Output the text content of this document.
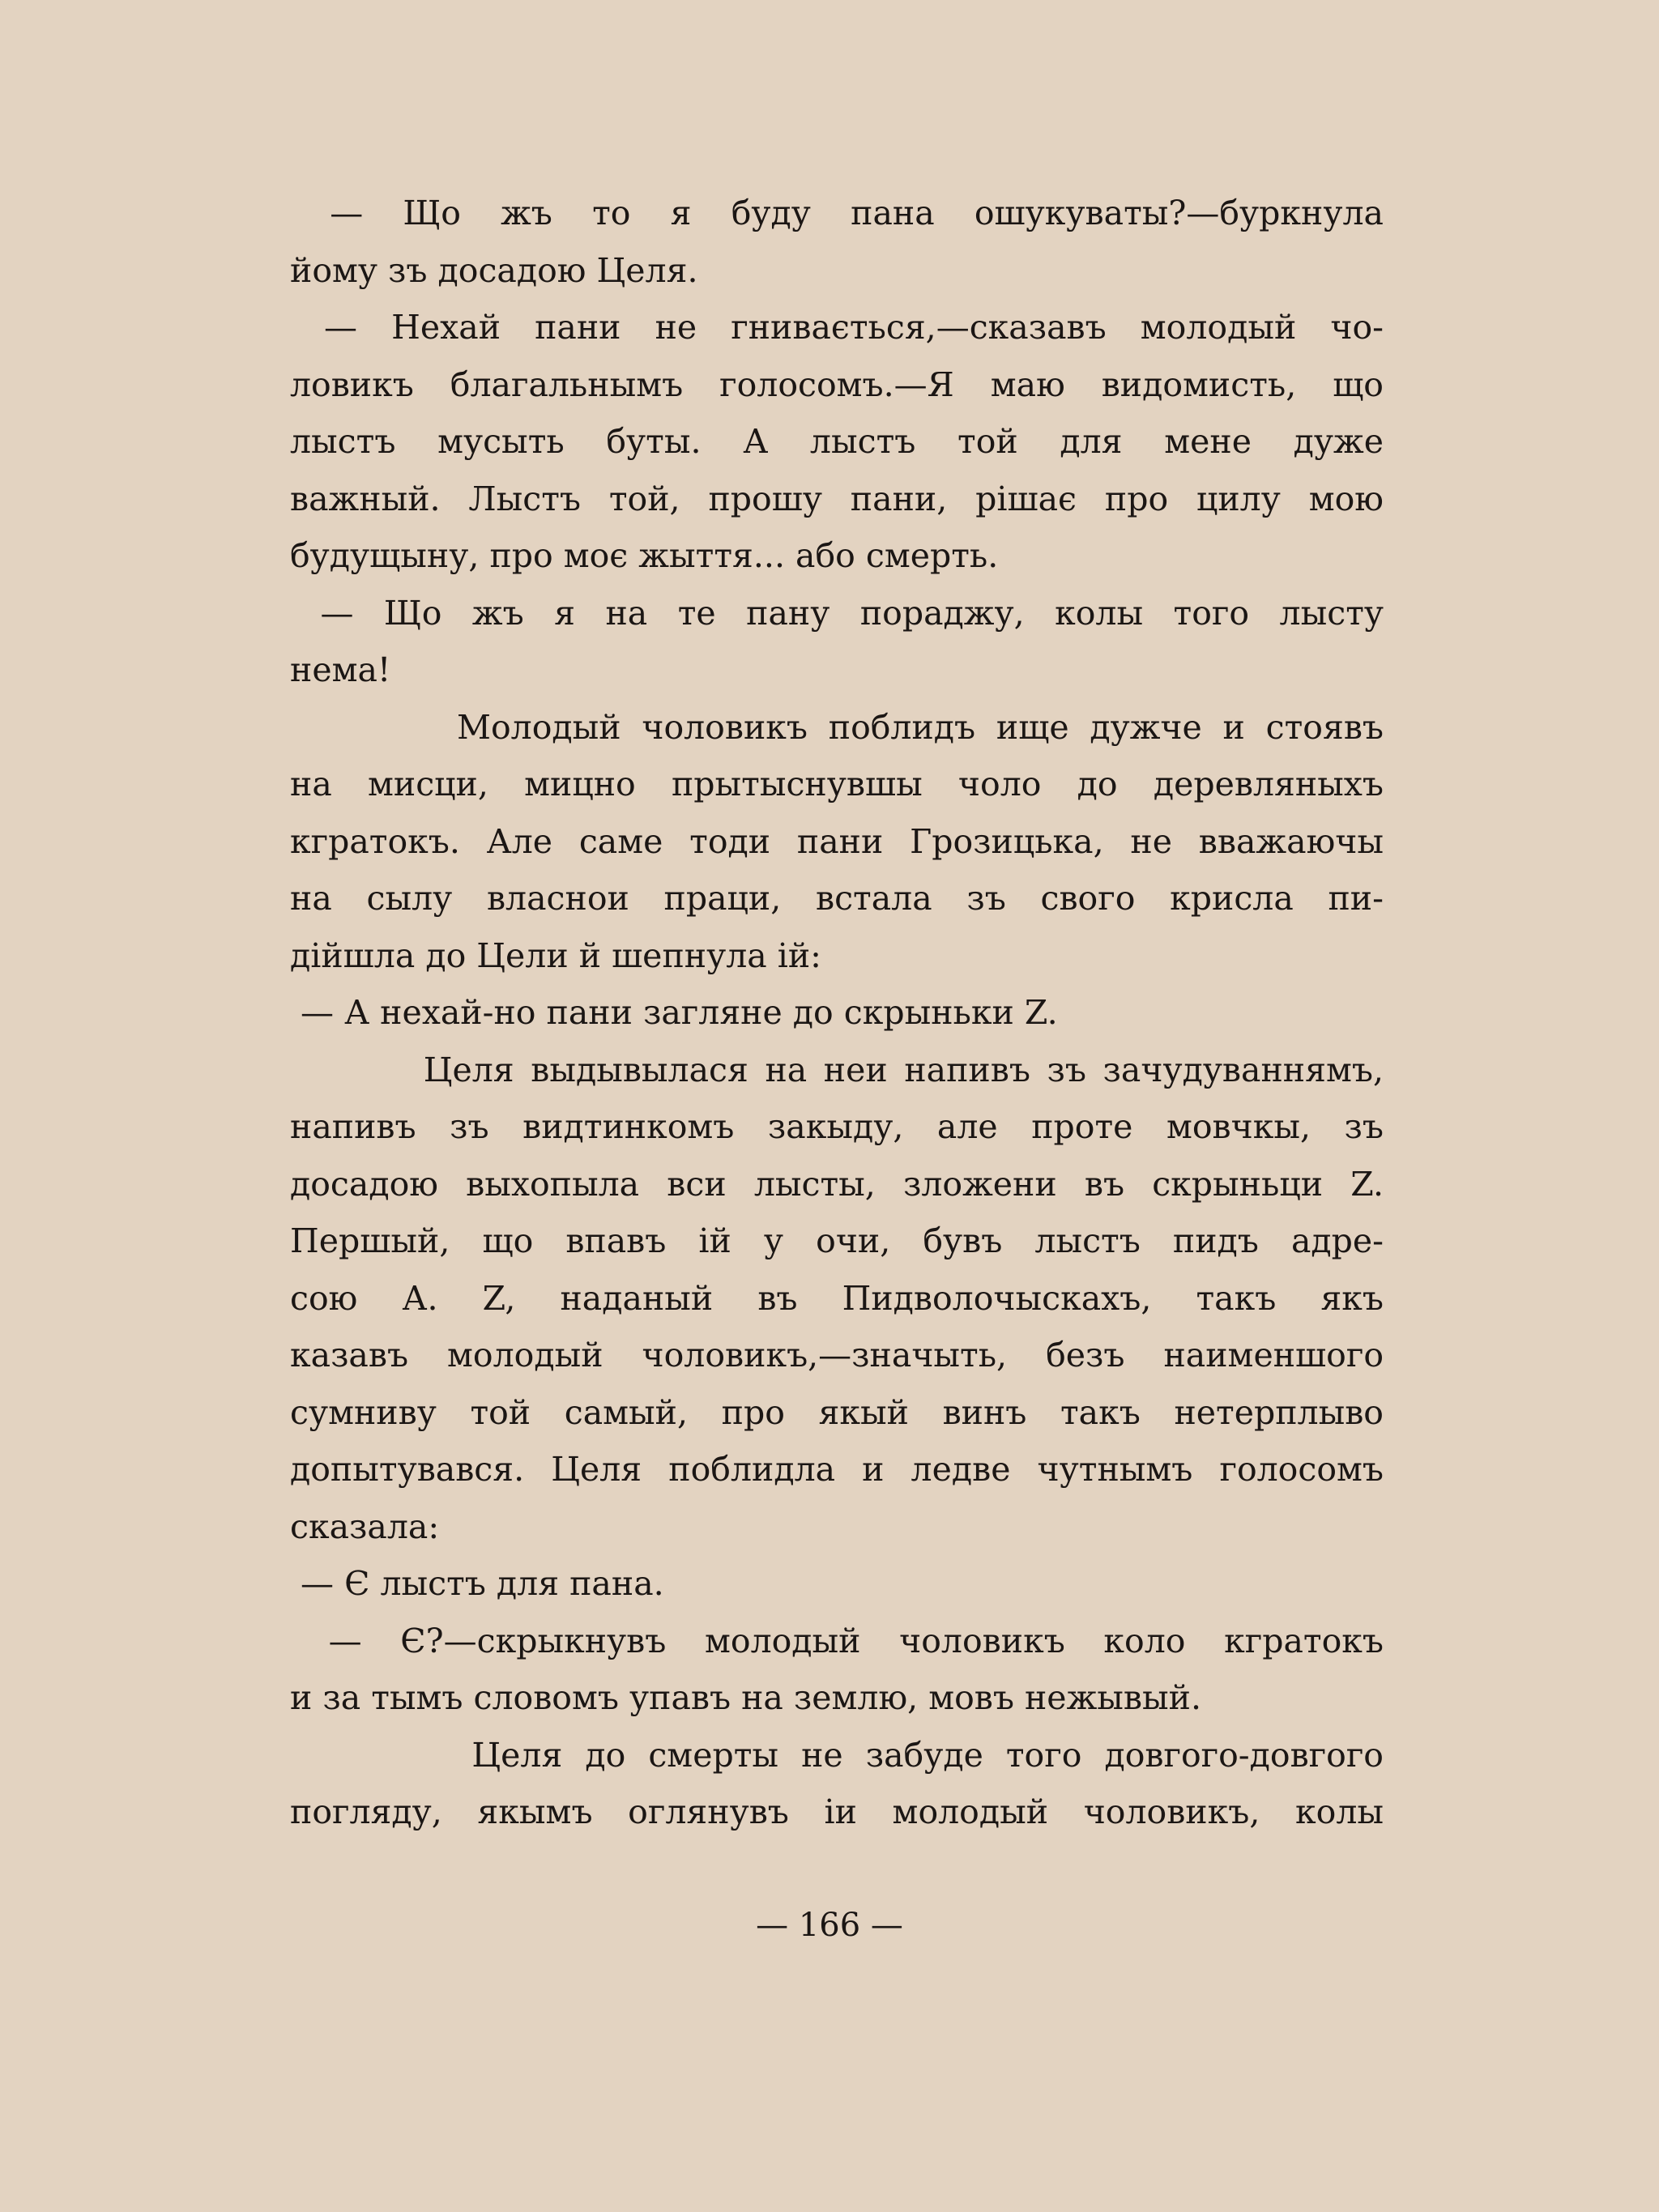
— Що жъ то я буду пана ошукуваты?—буркнула
йому зъ досадою Целя.
— Нехай пани не гнивається,—сказавъ молодый чо-
ловикъ благальнымъ голосомъ.—Я маю видомисть, що
лыстъ мусыть буты. А лыстъ той для мене дуже
важный. Лыстъ той, прошу пани, рiшає про цилу мою
будущыну, про моє жыття... або смерть.
— Що жъ я на те пану пораджу, колы того лысту
нема!
Молодый чоловикъ поблидъ ище дужче и стоявъ
на мисци, мицно прытыснувшы чоло до деревляныхъ
кгратокъ. Але саме тоди пани Грозицька, не вважаючы
на сылу власнои праци, встала зъ свого крисла пи-
дiйшла до Цели й шепнула iй:
— А нехай-но пани загляне до скрыньки Z.
Целя выдывылася на неи напивъ зъ зачудуваннямъ,
напивъ зъ видтинкомъ закыду, але проте мовчкы, зъ
досадою выхопыла вси лысты, зложени въ скрыньци Z.
Першый, що впавъ iй у очи, бувъ лыстъ пидъ адре-
сою А. Z, наданый въ Пидволочыскахъ, такъ якъ
казавъ молодый чоловикъ,—значыть, безъ наименшого
сумниву той самый, про якый винъ такъ нетерплыво
допытувався. Целя поблидла и ледве чутнымъ голосомъ
сказала:
— Є лыстъ для пана.
— Є?—скрыкнувъ молодый чоловикъ коло кгратокъ
и за тымъ словомъ упавъ на землю, мовъ нежывый.
Целя до смерты не забуде того довгого-довгого
погляду, якымъ оглянувъ iи молодый чоловикъ, колы
— 166 —
